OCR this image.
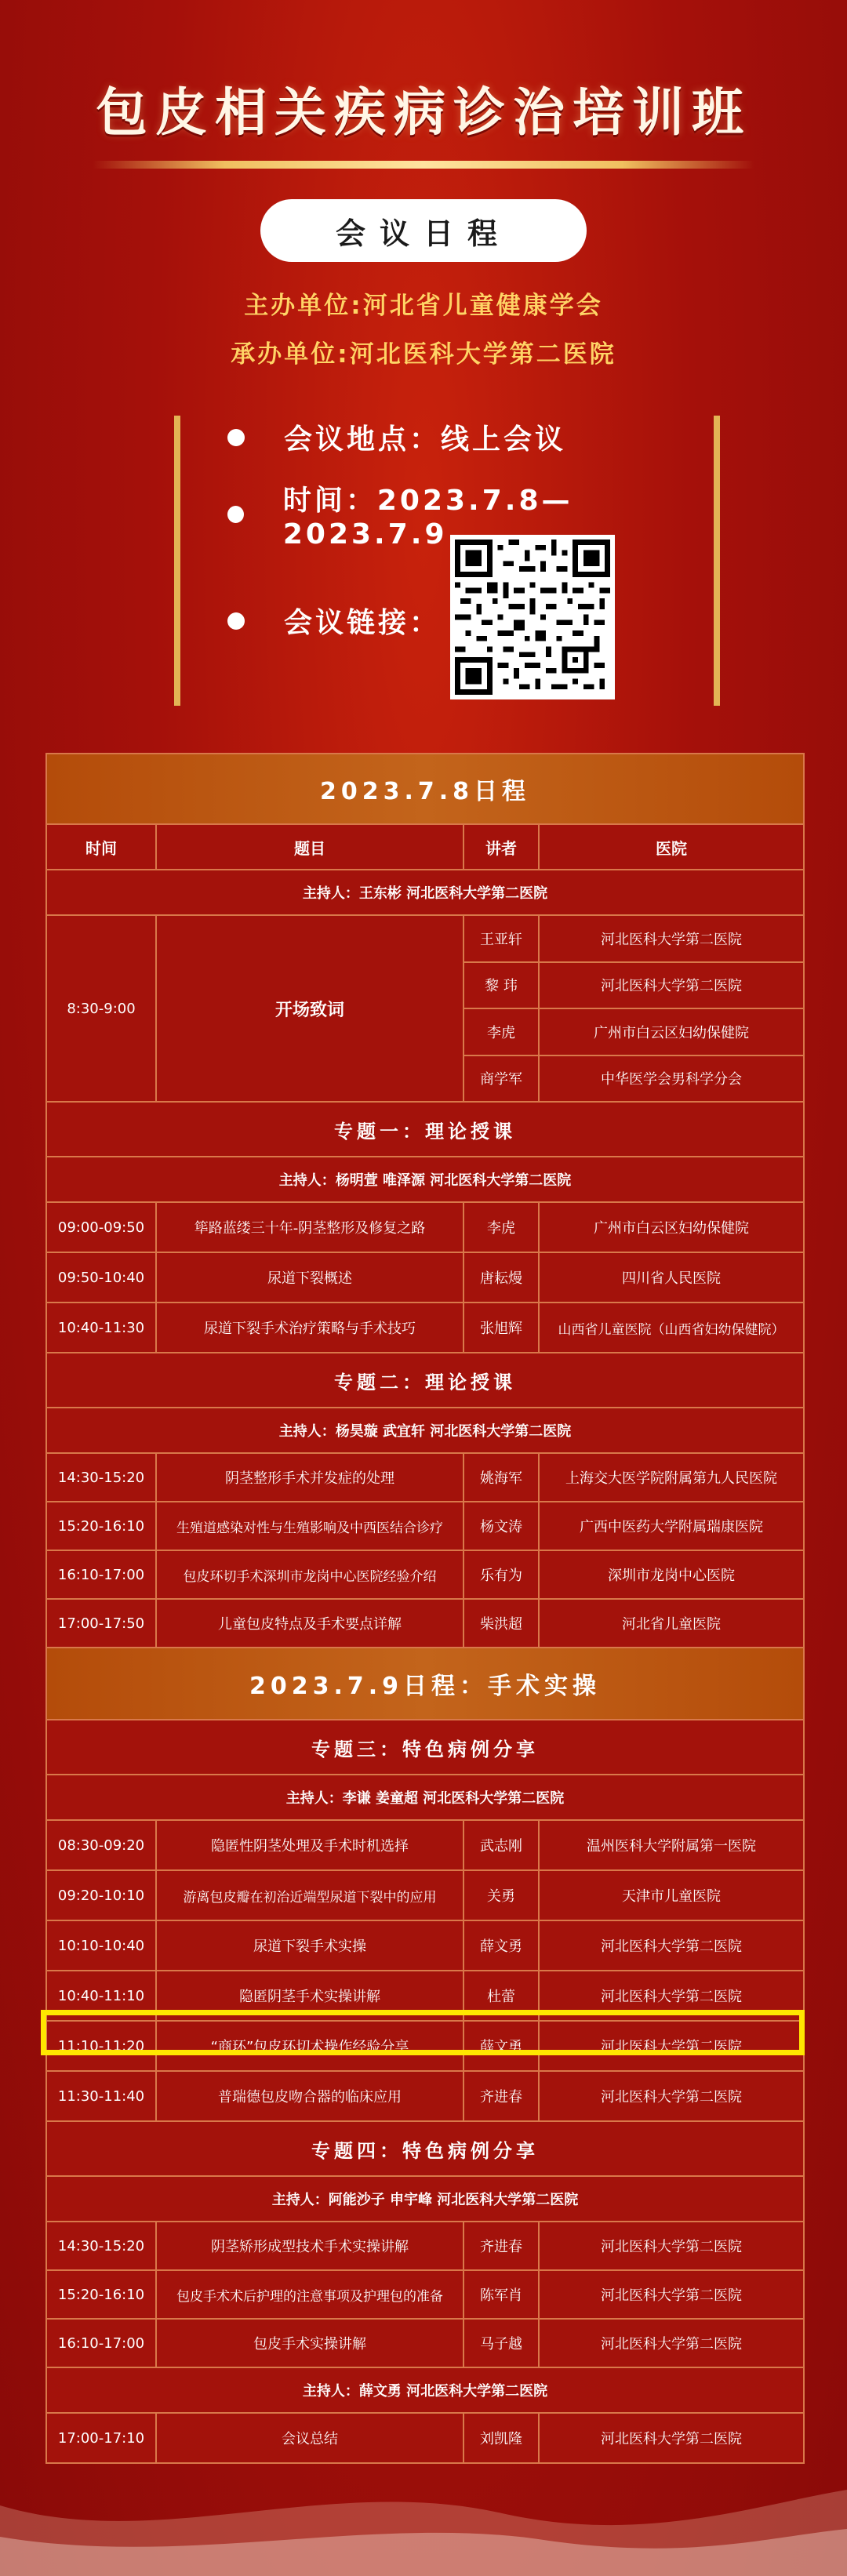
包皮相关疾病诊治培训班
会议日程
主办单位:河北省儿童健康学会
承办单位:河北医科大学第二医院
会议地点：线上会议
时间：2023.7.8—2023.7.9
会议链接：
2023.7.8日程
时间	题目	讲者	医院
主持人：王东彬 河北医科大学第二医院
8:30-9:00	开场致词
王亚轩	河北医科大学第二医院
黎 玮	河北医科大学第二医院
李虎	广州市白云区妇幼保健院
商学军	中华医学会男科学分会
专题一：理论授课
主持人：杨明萱 唯泽源 河北医科大学第二医院
09:00-09:50	筚路蓝缕三十年-阴茎整形及修复之路	李虎	广州市白云区妇幼保健院
09:50-10:40	尿道下裂概述	唐耘熳	四川省人民医院
10:40-11:30	尿道下裂手术治疗策略与手术技巧	张旭辉	山西省儿童医院（山西省妇幼保健院）
专题二：理论授课
主持人：杨昊璇 武宜轩 河北医科大学第二医院
14:30-15:20	阴茎整形手术并发症的处理	姚海军	上海交大医学院附属第九人民医院
15:20-16:10	生殖道感染对性与生殖影响及中西医结合诊疗	杨文涛	广西中医药大学附属瑞康医院
16:10-17:00	包皮环切手术深圳市龙岗中心医院经验介绍	乐有为	深圳市龙岗中心医院
17:00-17:50	儿童包皮特点及手术要点详解	柴洪超	河北省儿童医院
2023.7.9日程：手术实操
专题三：特色病例分享
主持人：李谦 姜童超 河北医科大学第二医院
08:30-09:20	隐匿性阴茎处理及手术时机选择	武志刚	温州医科大学附属第一医院
09:20-10:10	游离包皮瓣在初治近端型尿道下裂中的应用	关勇	天津市儿童医院
10:10-10:40	尿道下裂手术实操	薛文勇	河北医科大学第二医院
10:40-11:10	隐匿阴茎手术实操讲解	杜蕾	河北医科大学第二医院
11:10-11:20	“商环”包皮环切术操作经验分享	薛文勇	河北医科大学第二医院
11:30-11:40	普瑞德包皮吻合器的临床应用	齐进春	河北医科大学第二医院
专题四：特色病例分享
主持人：阿能沙子 申宇峰 河北医科大学第二医院
14:30-15:20	阴茎矫形成型技术手术实操讲解	齐进春	河北医科大学第二医院
15:20-16:10	包皮手术术后护理的注意事项及护理包的准备	陈军肖	河北医科大学第二医院
16:10-17:00	包皮手术实操讲解	马子越	河北医科大学第二医院
主持人：薛文勇 河北医科大学第二医院
17:00-17:10	会议总结	刘凯隆	河北医科大学第二医院
